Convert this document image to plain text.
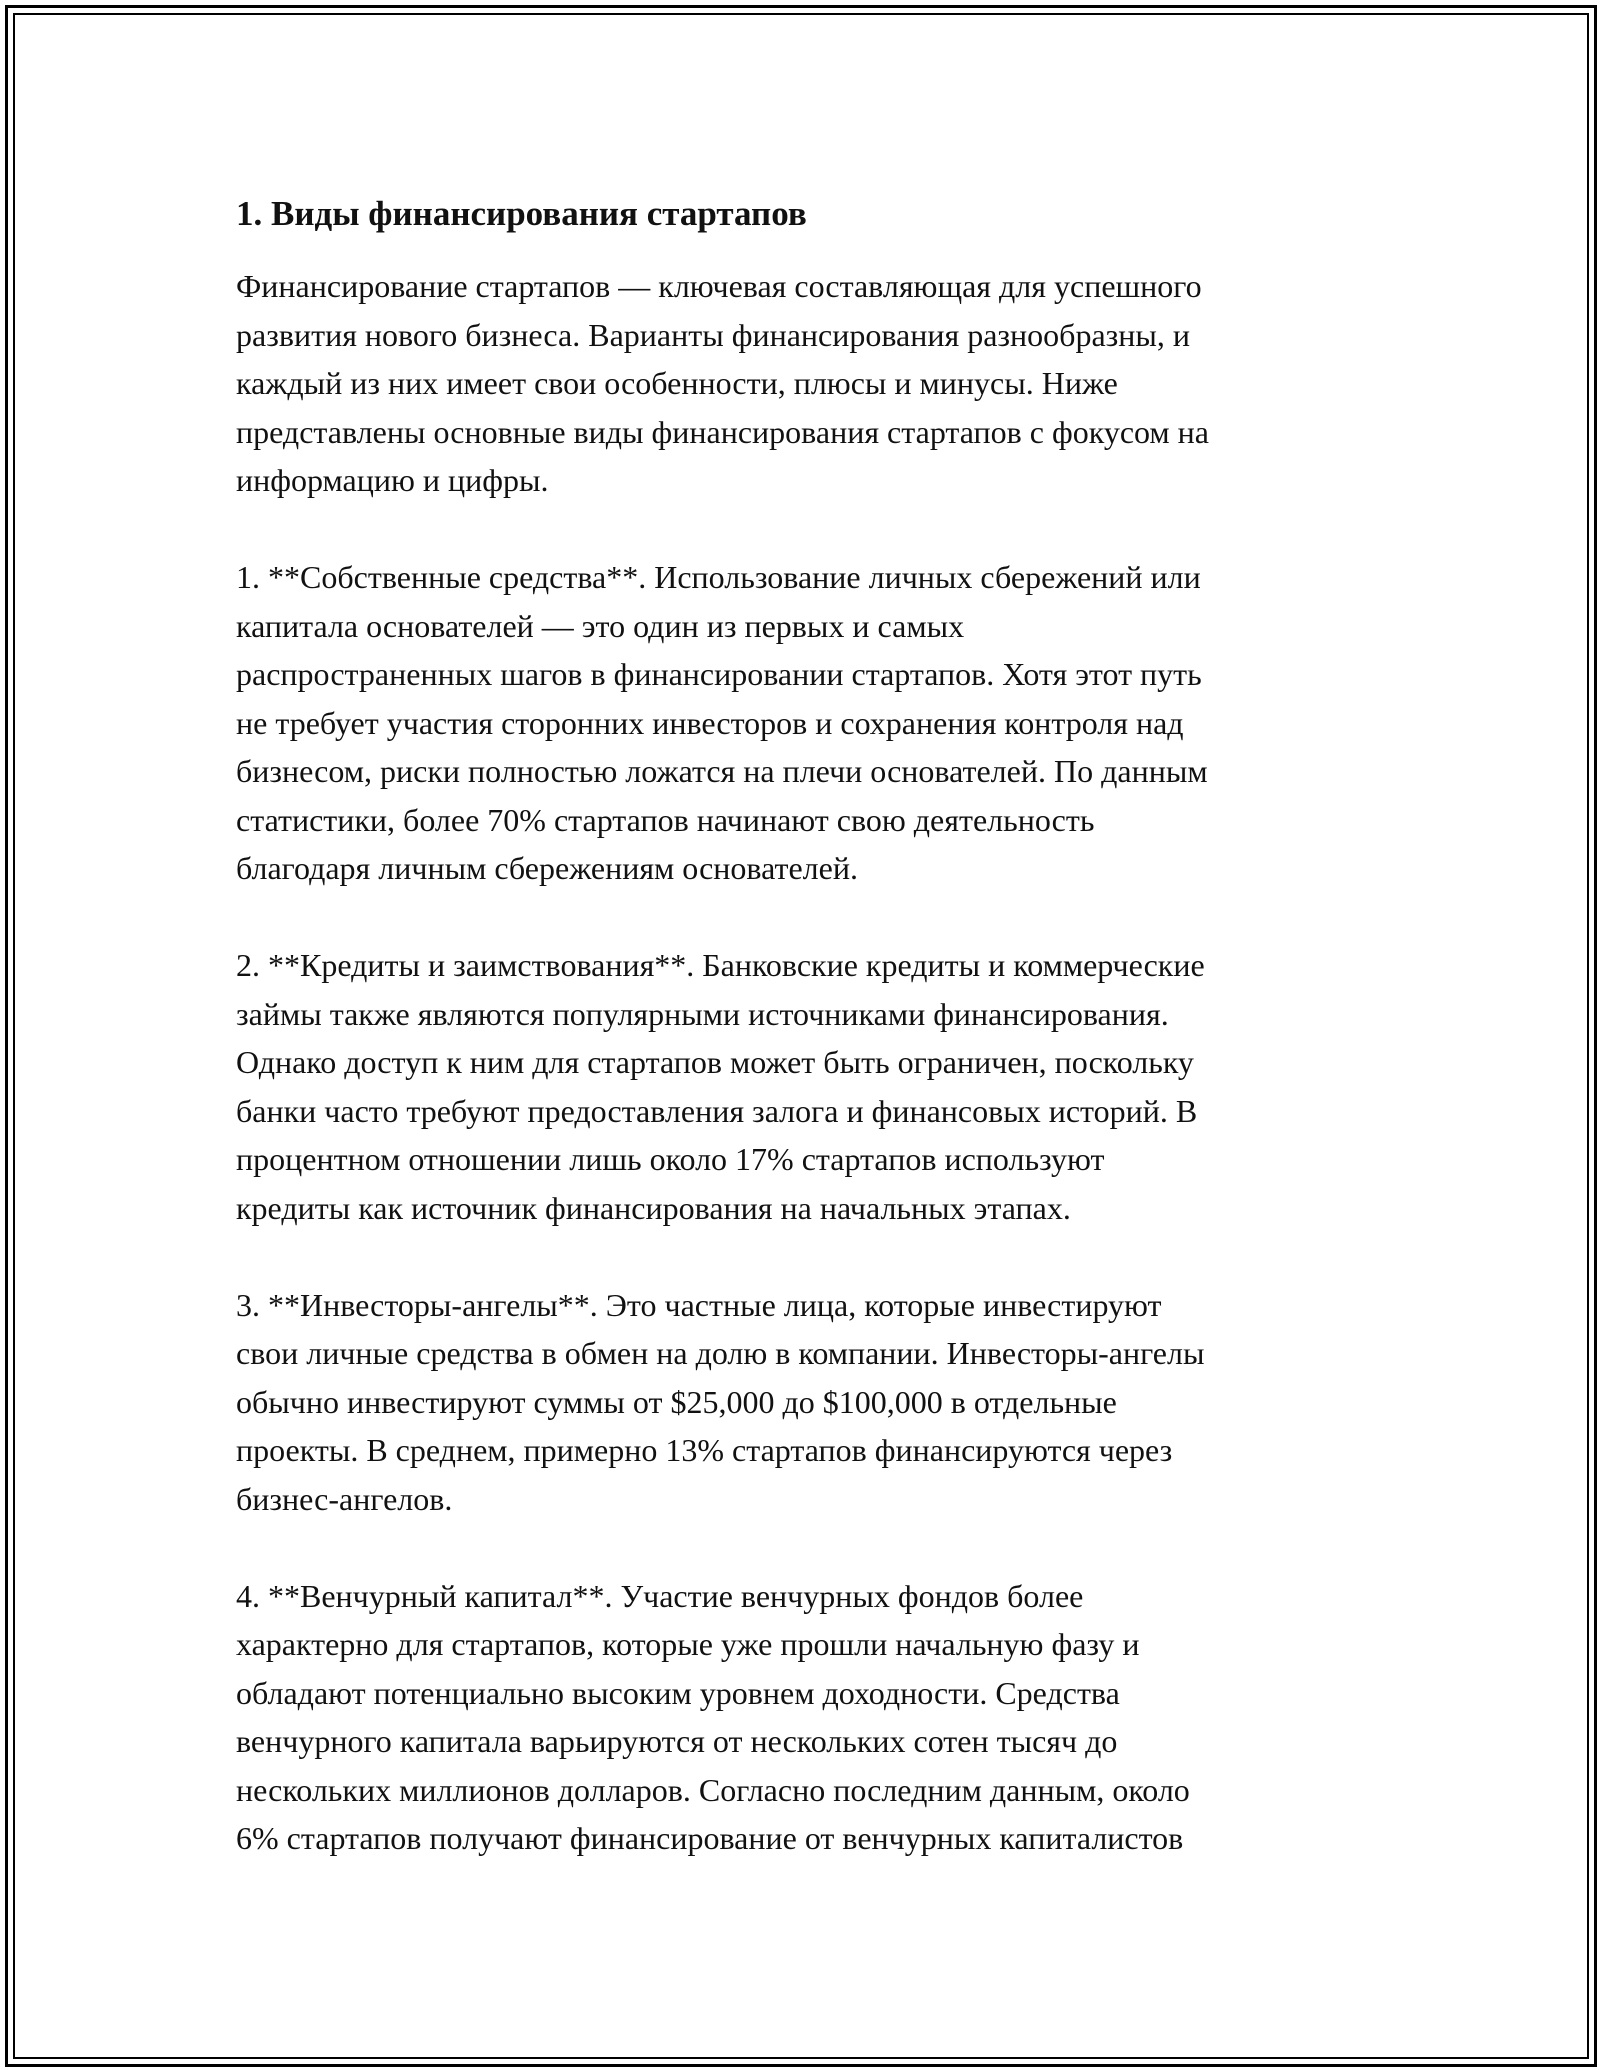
1. Виды финансирования стартапов

Финансирование стартапов — ключевая составляющая для успешного
развития нового бизнеса. Варианты финансирования разнообразны, и
каждый из них имеет свои особенности, плюсы и минусы. Ниже
представлены основные виды финансирования стартапов с фокусом на
информацию и цифры.

1. **Собственные средства**. Использование личных сбережений или
капитала основателей — это один из первых и самых
распространенных шагов в финансировании стартапов. Хотя этот путь
не требует участия сторонних инвесторов и сохранения контроля над
бизнесом, риски полностью ложатся на плечи основателей. По данным
статистики, более 70% стартапов начинают свою деятельность
благодаря личным сбережениям основателей.

2. **Кредиты и заимствования**. Банковские кредиты и коммерческие
займы также являются популярными источниками финансирования.
Однако доступ к ним для стартапов может быть ограничен, поскольку
банки часто требуют предоставления залога и финансовых историй. В
процентном отношении лишь около 17% стартапов используют
кредиты как источник финансирования на начальных этапах.

3. **Инвесторы-ангелы**. Это частные лица, которые инвестируют
свои личные средства в обмен на долю в компании. Инвесторы-ангелы
обычно инвестируют суммы от $25,000 до $100,000 в отдельные
проекты. В среднем, примерно 13% стартапов финансируются через
бизнес-ангелов.

4. **Венчурный капитал**. Участие венчурных фондов более
характерно для стартапов, которые уже прошли начальную фазу и
обладают потенциально высоким уровнем доходности. Средства
венчурного капитала варьируются от нескольких сотен тысяч до
нескольких миллионов долларов. Согласно последним данным, около
6% стартапов получают финансирование от венчурных капиталистов
